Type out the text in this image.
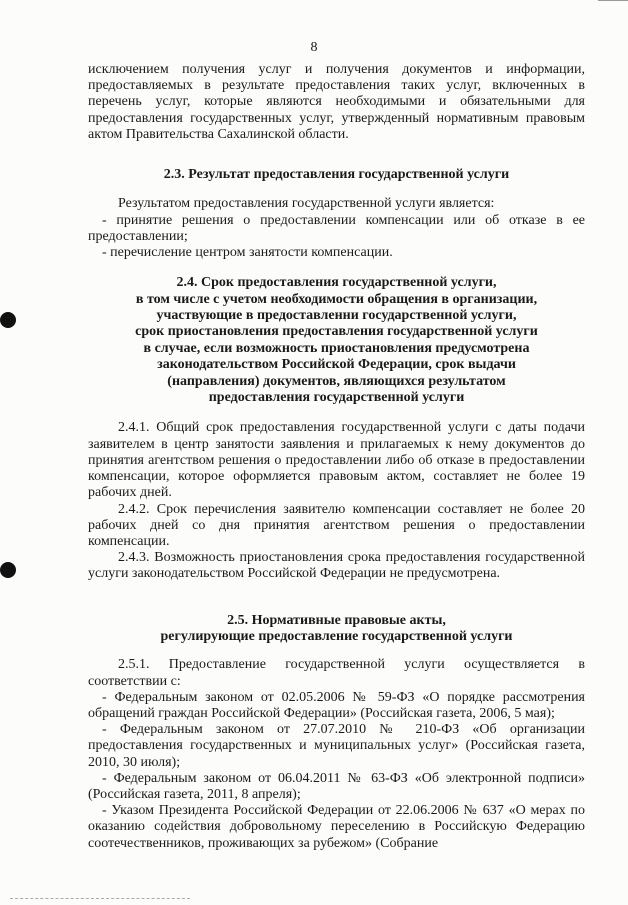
8

исключением получения услуг и получения документов и информации, предоставляемых в результате предоставления таких услуг, включенных в перечень услуг, которые являются необходимыми и обязательными для предоставления государственных услуг, утвержденный нормативным правовым актом Правительства Сахалинской области.

2.3. Результат предоставления государственной услуги

Результатом предоставления государственной услуги является:

- принятие решения о предоставлении компенсации или об отказе в ее предоставлении;

- перечисление центром занятости компенсации.

2.4. Срок предоставления государственной услуги,
в том числе с учетом необходимости обращения в организации,
участвующие в предоставленни государственной услуги,
срок приостановления предоставления государственной услуги
в случае, если возможность приостановления предусмотрена
законодательством Российской Федерации, срок выдачи
(направления) документов, являющихся результатом
предоставления государственной услуги

2.4.1. Общий срок предоставления государственной услуги с даты подачи заявителем в центр занятости заявления и прилагаемых к нему документов до принятия агентством решения о предоставлении либо об отказе в предоставлении компенсации, которое оформляется правовым актом, составляет не более 19 рабочих дней.

2.4.2. Срок перечисления заявителю компенсации составляет не более 20 рабочих дней со дня принятия агентством решения о предоставлении компенсации.

2.4.3. Возможность приостановления срока предоставления государственной услуги законодательством Российской Федерации не предусмотрена.

2.5. Нормативные правовые акты,
регулирующие предоставление государственной услуги

2.5.1. Предоставление государственной услуги осуществляется в соответствии с:

- Федеральным законом от 02.05.2006 № 59-ФЗ «О порядке рассмотрения обращений граждан Российской Федерации» (Российская газета, 2006, 5 мая);

- Федеральным законом от 27.07.2010 № 210-ФЗ «Об организации предоставления государственных и муниципальных услуг» (Российская газета, 2010, 30 июля);

- Федеральным законом от 06.04.2011 № 63-ФЗ «Об электронной подписи» (Российская газета, 2011, 8 апреля);

- Указом Президента Российской Федерации от 22.06.2006 № 637 «О мерах по оказанию содействия добровольному переселению в Российскую Федерацию соотечественников, проживающих за рубежом» (Собрание
